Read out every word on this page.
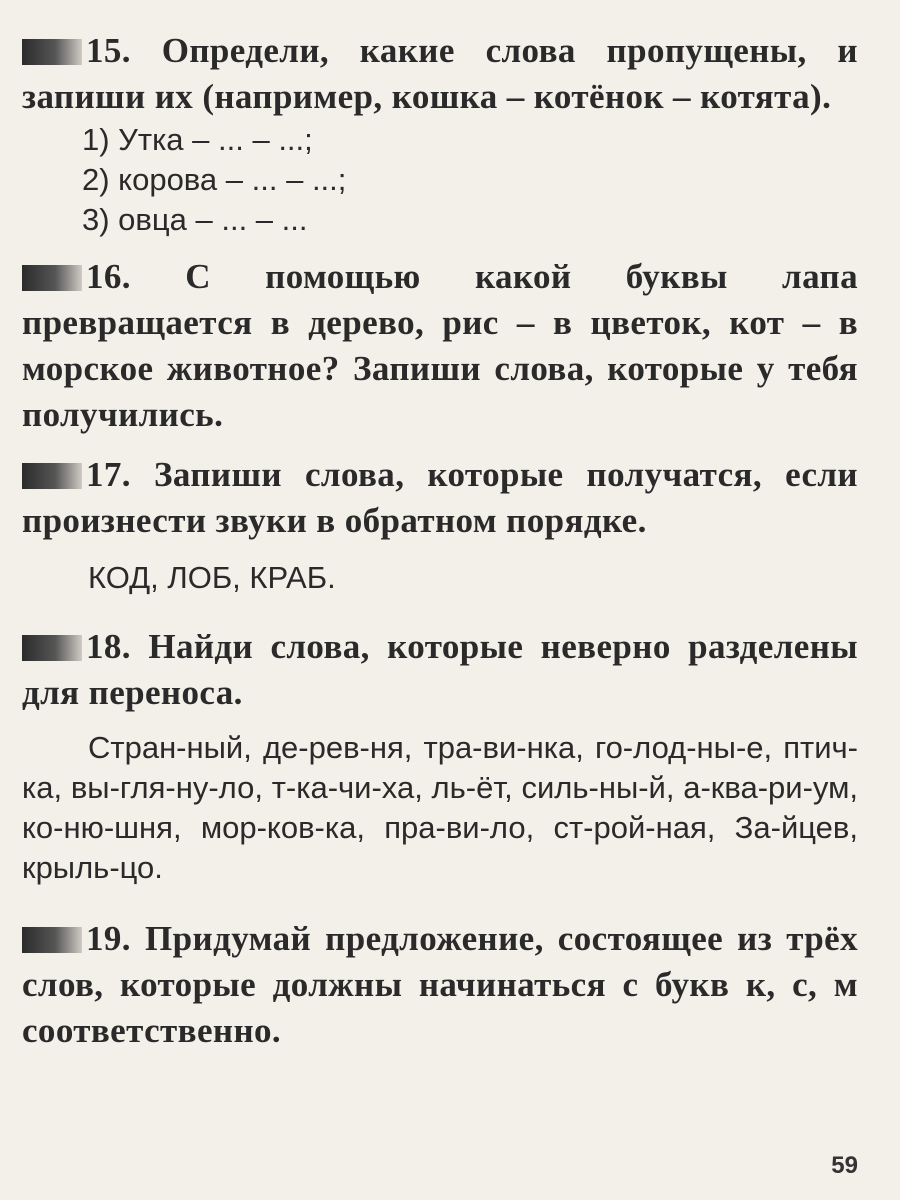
15. Определи, какие слова пропущены, и запиши их (например, кошка – котёнок – котята).

1) Утка – ... – ...;
2) корова – ... – ...;
3) овца – ... – ...

16. С помощью какой буквы лапа превращается в дерево, рис – в цветок, кот – в морское животное? Запиши слова, которые у тебя получились.

17. Запиши слова, которые получатся, если произнести звуки в обратном порядке.

КОД, ЛОБ, КРАБ.

18. Найди слова, которые неверно разделены для переноса.

Стран-ный, де-рев-ня, тра-ви-нка, го-лод-ны-е, птич-ка, вы-гля-ну-ло, т-ка-чи-ха, ль-ёт, силь-ны-й, а-ква-ри-ум, ко-ню-шня, мор-ков-ка, пра-ви-ло, ст-рой-ная, За-йцев, крыль-цо.

19. Придумай предложение, состоящее из трёх слов, которые должны начинаться с букв к, с, м соответственно.

59
